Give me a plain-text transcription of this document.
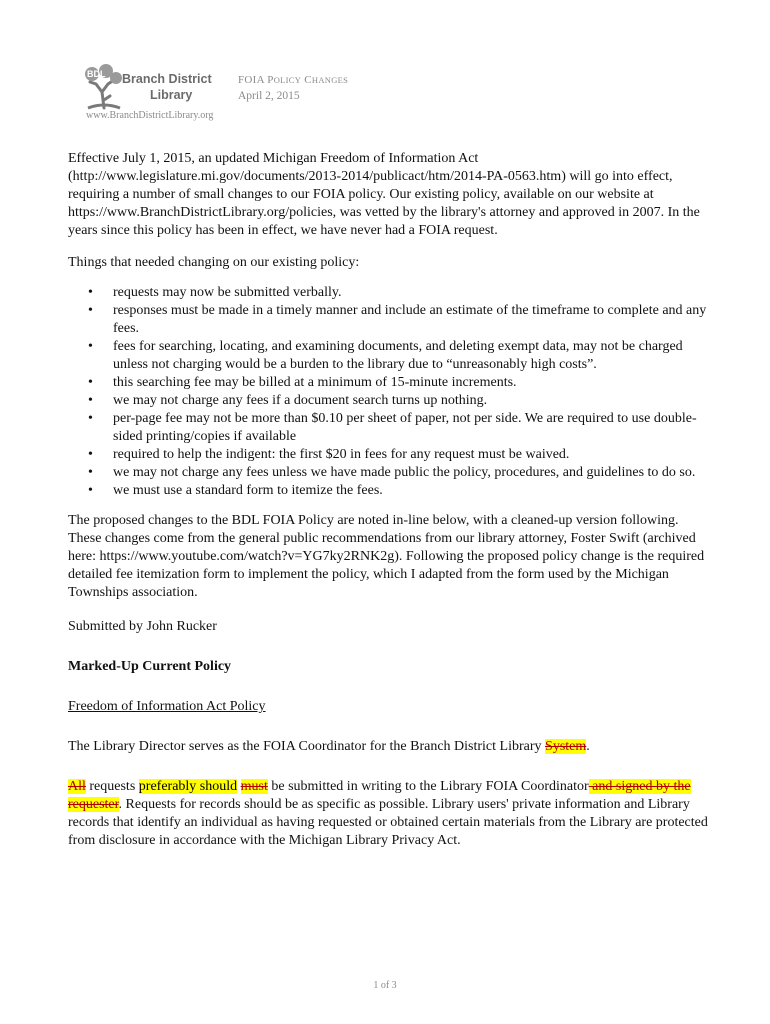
BDL Branch District
Library
www.BranchDistrictLibrary.org
FOIA POLICY CHANGES
April 2, 2015

Effective July 1, 2015, an updated Michigan Freedom of Information Act (http://www.legislature.mi.gov/documents/2013-2014/publicact/htm/2014-PA-0563.htm) will go into effect, requiring a number of small changes to our FOIA policy. Our existing policy, available on our website at https://www.BranchDistrictLibrary.org/policies, was vetted by the library's attorney and approved in 2007. In the years since this policy has been in effect, we have never had a FOIA request.

Things that needed changing on our existing policy:

• requests may now be submitted verbally.
• responses must be made in a timely manner and include an estimate of the timeframe to complete and any fees.
• fees for searching, locating, and examining documents, and deleting exempt data, may not be charged unless not charging would be a burden to the library due to “unreasonably high costs”.
• this searching fee may be billed at a minimum of 15-minute increments.
• we may not charge any fees if a document search turns up nothing.
• per-page fee may not be more than $0.10 per sheet of paper, not per side. We are required to use double-sided printing/copies if available
• required to help the indigent: the first $20 in fees for any request must be waived.
• we may not charge any fees unless we have made public the policy, procedures, and guidelines to do so.
• we must use a standard form to itemize the fees.

The proposed changes to the BDL FOIA Policy are noted in-line below, with a cleaned-up version following. These changes come from the general public recommendations from our library attorney, Foster Swift (archived here: https://www.youtube.com/watch?v=YG7ky2RNK2g). Following the proposed policy change is the required detailed fee itemization form to implement the policy, which I adapted from the form used by the Michigan Townships association.

Submitted by John Rucker

Marked-Up Current Policy

Freedom of Information Act Policy

The Library Director serves as the FOIA Coordinator for the Branch District Library System.

All requests preferably should must be submitted in writing to the Library FOIA Coordinator and signed by the requester. Requests for records should be as specific as possible. Library users' private information and Library records that identify an individual as having requested or obtained certain materials from the Library are protected from disclosure in accordance with the Michigan Library Privacy Act.

1 of 3
